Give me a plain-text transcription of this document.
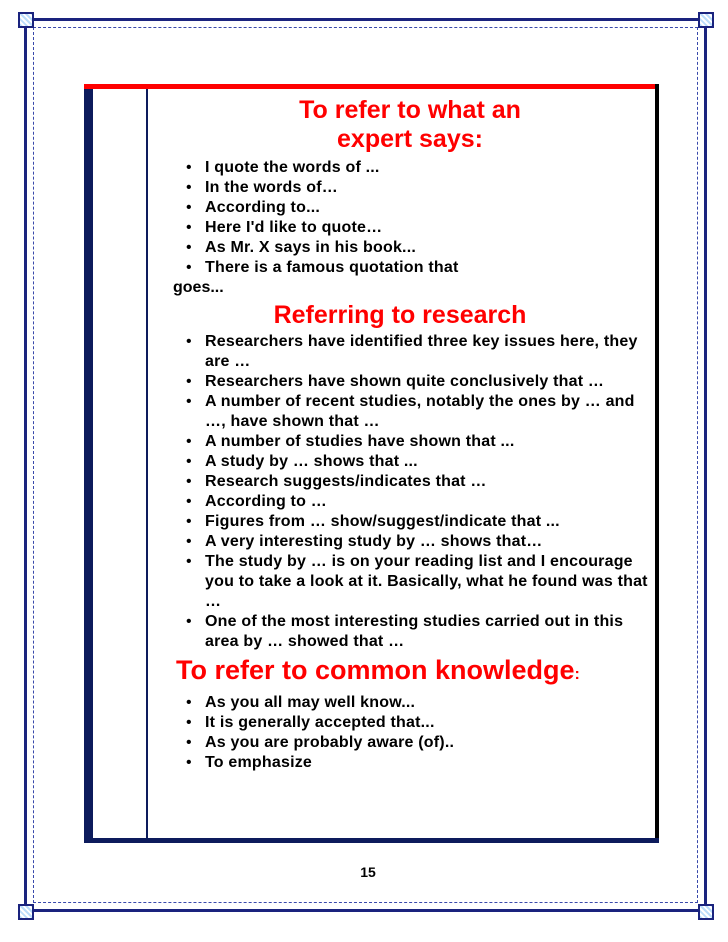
To refer to what an
expert says:
• I quote the words of ...
• In the words of…
• According to...
• Here I'd like to quote…
• As Mr. X says in his book...
• There is a famous quotation that
goes...
Referring to research
• Researchers have identified three key issues here, they are …
• Researchers have shown quite conclusively that …
• A number of recent studies, notably the ones by … and …, have shown that …
• A number of studies have shown that ...
• A study by … shows that ...
• Research suggests/indicates that …
• According to …
• Figures from … show/suggest/indicate that ...
• A very interesting study by … shows that…
• The study by … is on your reading list and I encourage you to take a look at it. Basically, what he found was that …
• One of the most interesting studies carried out in this area by … showed that …
To refer to common knowledge:
• As you all may well know...
• It is generally accepted that...
• As you are probably aware (of)..
• To emphasize
15
